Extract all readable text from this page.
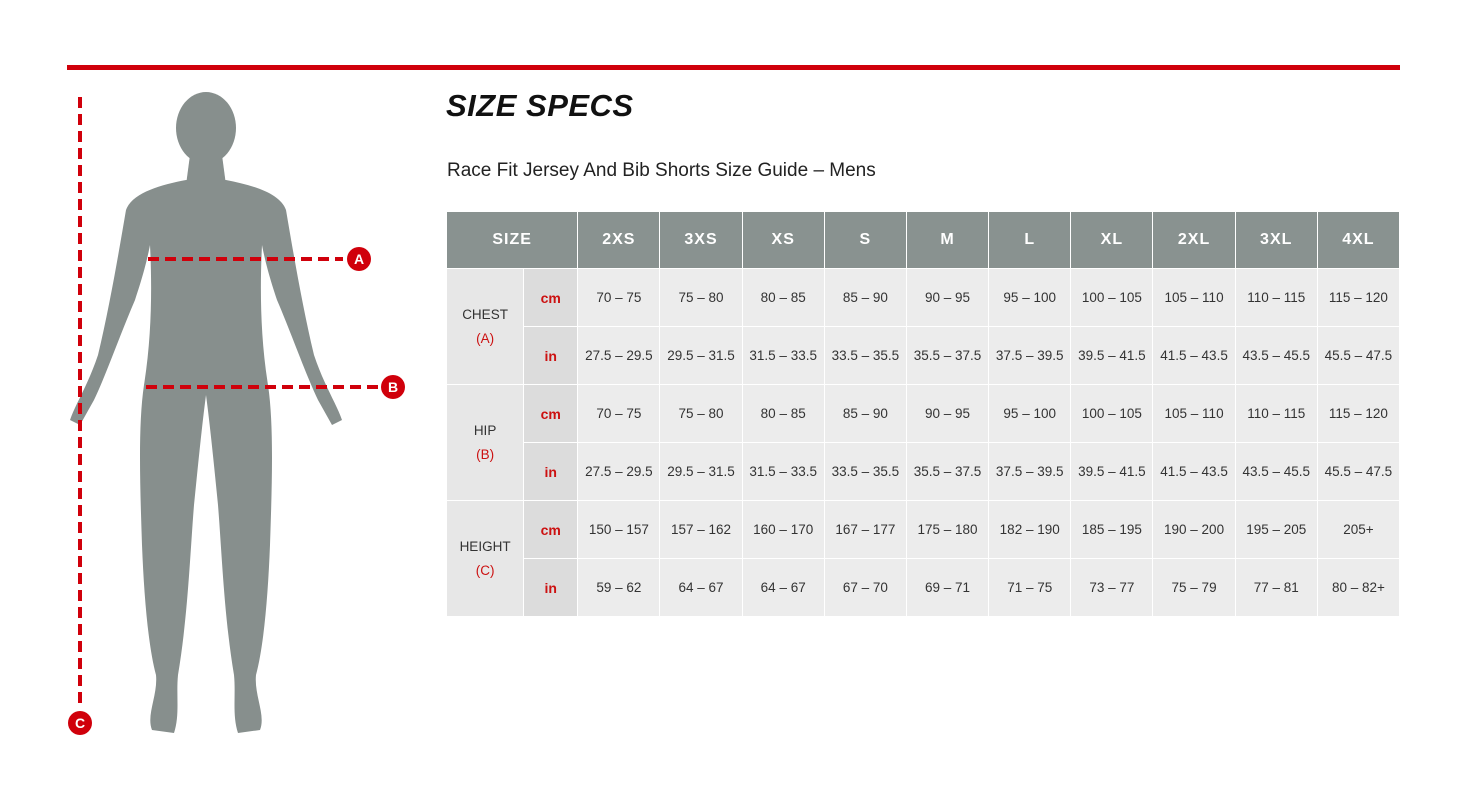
A
B
C
SIZE SPECS

Race Fit Jersey And Bib Shorts Size Guide – Mens

SIZE		2XS	3XS	XS	S	M	L	XL	2XL	3XL	4XL

CHEST
(A)	cm	70 – 75	75 – 80	80 – 85	85 – 90	90 – 95	95 – 100	100 – 105	105 – 110	110 – 115	115 – 120
	in	27.5 – 29.5	29.5 – 31.5	31.5 – 33.5	33.5 – 35.5	35.5 – 37.5	37.5 – 39.5	39.5 – 41.5	41.5 – 43.5	43.5 – 45.5	45.5 – 47.5

HIP
(B)	cm	70 – 75	75 – 80	80 – 85	85 – 90	90 – 95	95 – 100	100 – 105	105 – 110	110 – 115	115 – 120
	in	27.5 – 29.5	29.5 – 31.5	31.5 – 33.5	33.5 – 35.5	35.5 – 37.5	37.5 – 39.5	39.5 – 41.5	41.5 – 43.5	43.5 – 45.5	45.5 – 47.5

HEIGHT
(C)	cm	150 – 157	157 – 162	160 – 170	167 – 177	175 – 180	182 – 190	185 – 195	190 – 200	195 – 205	205+
	in	59 – 62	64 – 67	64 – 67	67 – 70	69 – 71	71 – 75	73 – 77	75 – 79	77 – 81	80 – 82+
